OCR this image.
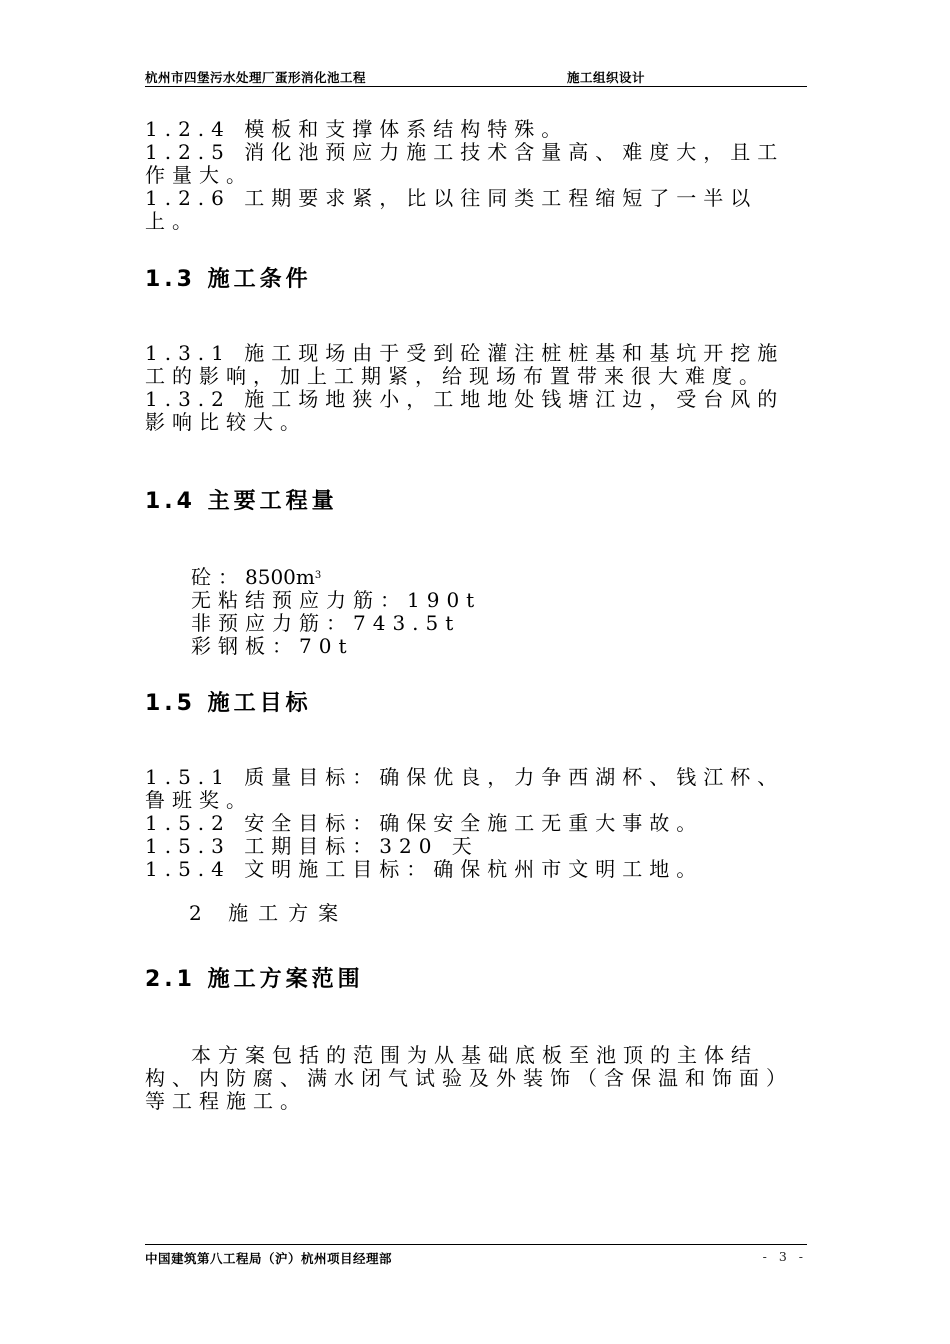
杭州市四堡污水处理厂蛋形消化池工程	施工组织设计

1.2.4 模板和支撑体系结构特殊。

1.2.5 消化池预应力施工技术含量高、难度大，且工作量大。

1.2.6 工期要求紧，比以往同类工程缩短了一半以上。

1.3 施工条件

1.3.1 施工现场由于受到砼灌注桩桩基和基坑开挖施工的影响，加上工期紧，给现场布置带来很大难度。

1.3.2 施工场地狭小，工地地处钱塘江边，受台风的影响比较大。

1.4 主要工程量

砼：$8500m^3$

无粘结预应力筋：190t

非预应力筋：743.5t

彩钢板：70t

1.5 施工目标

1.5.1 质量目标：确保优良，力争西湖杯、钱江杯、鲁班奖。

1.5.2 安全目标：确保安全施工无重大事故。

1.5.3 工期目标：320 天

1.5.4 文明施工目标：确保杭州市文明工地。

2 施工方案

2.1 施工方案范围

本方案包括的范围为从基础底板至池顶的主体结构、内防腐、满水闭气试验及外装饰（含保温和饰面）等工程施工。

中国建筑第八工程局（沪）杭州项目经理部	- 3 -
